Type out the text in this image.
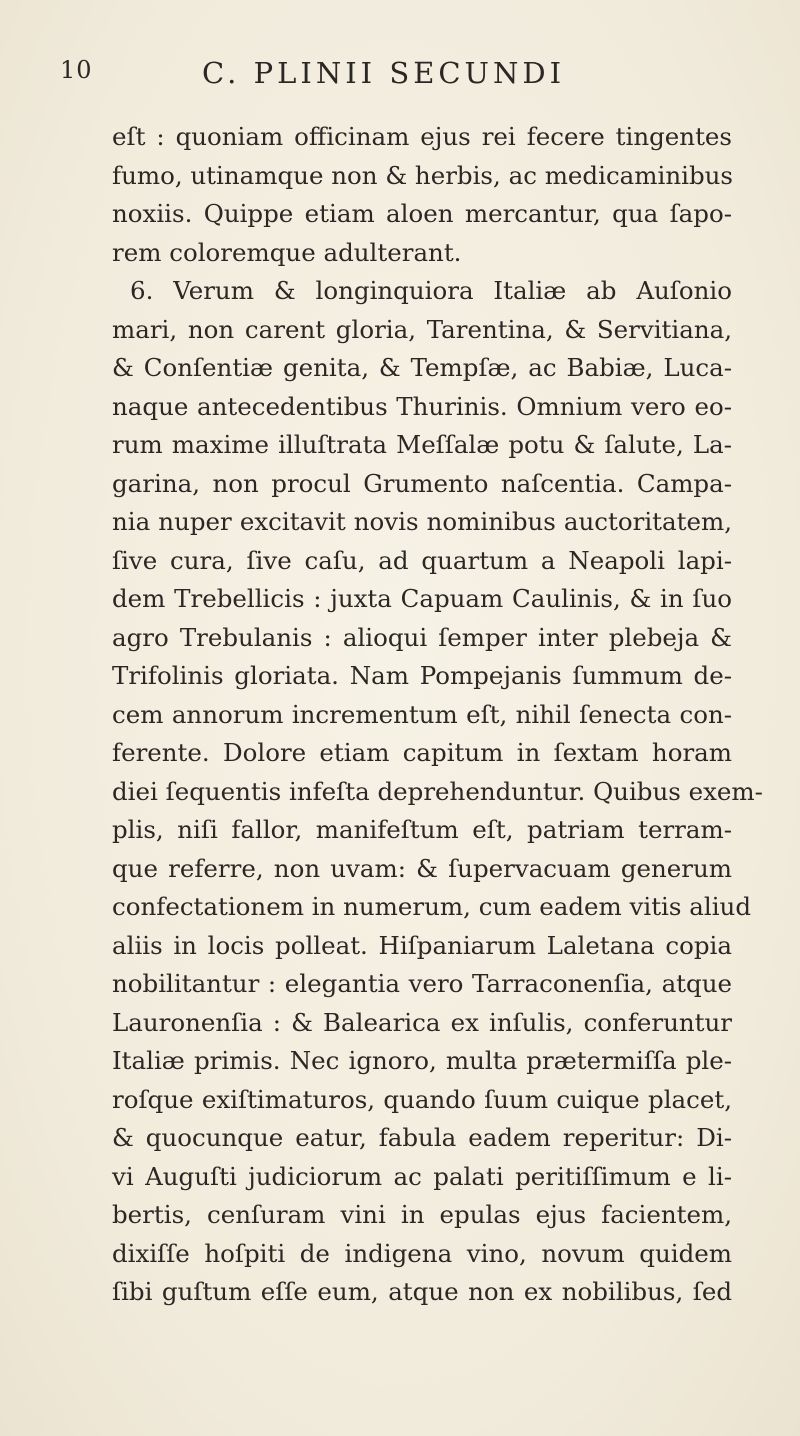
10	C. PLINII SECUNDI
eſt : quoniam officinam ejus rei fecere tingentes
fumo, utinamque non & herbis, ac medicaminibus
noxiis. Quippe etiam aloen mercantur, qua ſapo-
rem coloremque adulterant.
6. Verum & longinquiora Italiæ ab Auſonio
mari, non carent gloria, Tarentina, & Servitiana,
& Conſentiæ genita, & Tempſæ, ac Babiæ, Luca-
naque antecedentibus Thurinis. Omnium vero eo-
rum maxime illuſtrata Meſſalæ potu & ſalute, La-
garina, non procul Grumento naſcentia. Campa-
nia nuper excitavit novis nominibus auctoritatem,
ſive cura, ſive caſu, ad quartum a Neapoli lapi-
dem Trebellicis : juxta Capuam Caulinis, & in ſuo
agro Trebulanis : alioqui ſemper inter plebeja &
Trifolinis gloriata. Nam Pompejanis ſummum de-
cem annorum incrementum eſt, nihil ſenecta con-
ferente. Dolore etiam capitum in ſextam horam
diei ſequentis infeſta deprehenduntur. Quibus exem-
plis, niſi fallor, manifeſtum eſt, patriam terram-
que referre, non uvam: & ſupervacuam generum
confectationem in numerum, cum eadem vitis aliud
aliis in locis polleat. Hiſpaniarum Laletana copia
nobilitantur : elegantia vero Tarraconenſia, atque
Lauronenſia : & Balearica ex inſulis, conferuntur
Italiæ primis. Nec ignoro, multa prætermiſſa ple-
roſque exiſtimaturos, quando ſuum cuique placet,
& quocunque eatur, fabula eadem reperitur: Di-
vi Auguſti judiciorum ac palati peritiſſimum e li-
bertis, cenſuram vini in epulas ejus facientem,
dixiſſe hoſpiti de indigena vino, novum quidem
ſibi guſtum eſſe eum, atque non ex nobilibus, ſed
